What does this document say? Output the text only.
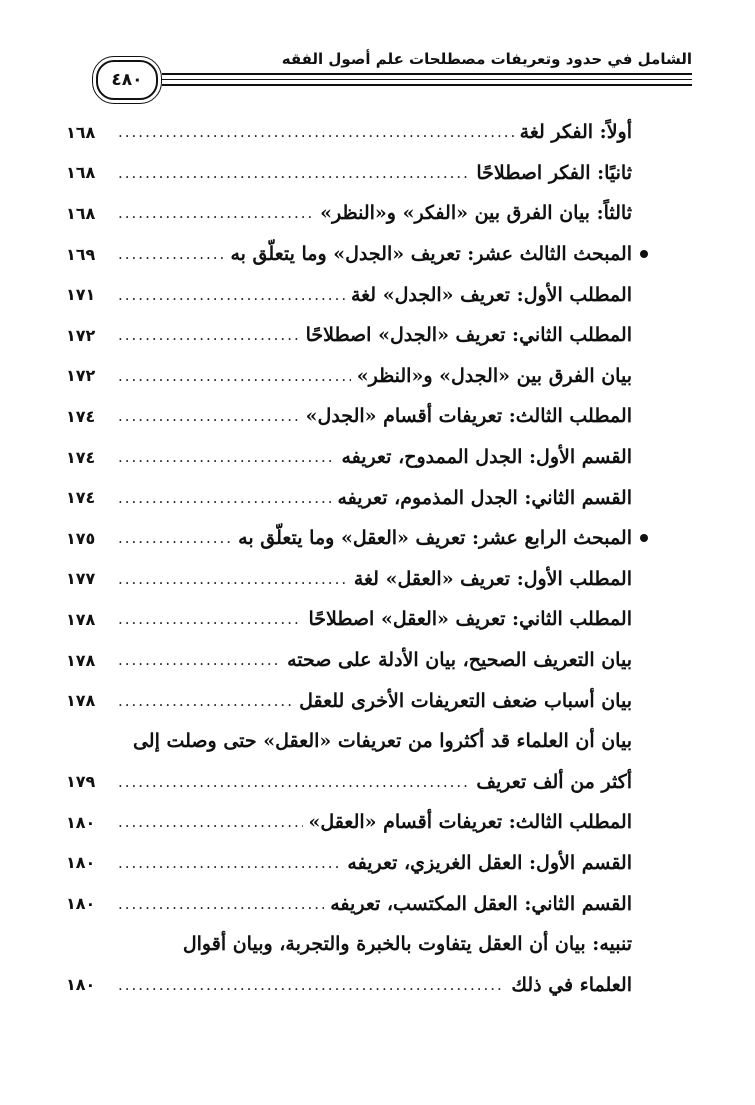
الشامل في حدود وتعريفات مصطلحات علم أصول الفقه
٤٨٠
أولاً: الفكر لغة
.....
١٦٨
ثانيًا: الفكر اصطلاحًا
.....
١٦٨
ثالثاً: بيان الفرق بين «الفكر» و«النظر»
.....
١٦٨
المبحث الثالث عشر: تعريف «الجدل» وما يتعلّق به
.....
١٦٩
المطلب الأول: تعريف «الجدل» لغة
.....
١٧١
المطلب الثاني: تعريف «الجدل» اصطلاحًا
.....
١٧٢
بيان الفرق بين «الجدل» و«النظر»
.....
١٧٢
المطلب الثالث: تعريفات أقسام «الجدل»
.....
١٧٤
القسم الأول: الجدل الممدوح، تعريفه
.....
١٧٤
القسم الثاني: الجدل المذموم، تعريفه
.....
١٧٤
المبحث الرابع عشر: تعريف «العقل» وما يتعلّق به
.....
١٧٥
المطلب الأول: تعريف «العقل» لغة
.....
١٧٧
المطلب الثاني: تعريف «العقل» اصطلاحًا
.....
١٧٨
بيان التعريف الصحيح، بيان الأدلة على صحته
.....
١٧٨
بيان أسباب ضعف التعريفات الأخرى للعقل
.....
١٧٨
بيان أن العلماء قد أكثروا من تعريفات «العقل» حتى وصلت إلى
أكثر من ألف تعريف
.....
١٧٩
المطلب الثالث: تعريفات أقسام «العقل»
.....
١٨٠
القسم الأول: العقل الغريزي، تعريفه
.....
١٨٠
القسم الثاني: العقل المكتسب، تعريفه
.....
١٨٠
تنبيه: بيان أن العقل يتفاوت بالخبرة والتجربة، وبيان أقوال
العلماء في ذلك
.....
١٨٠
